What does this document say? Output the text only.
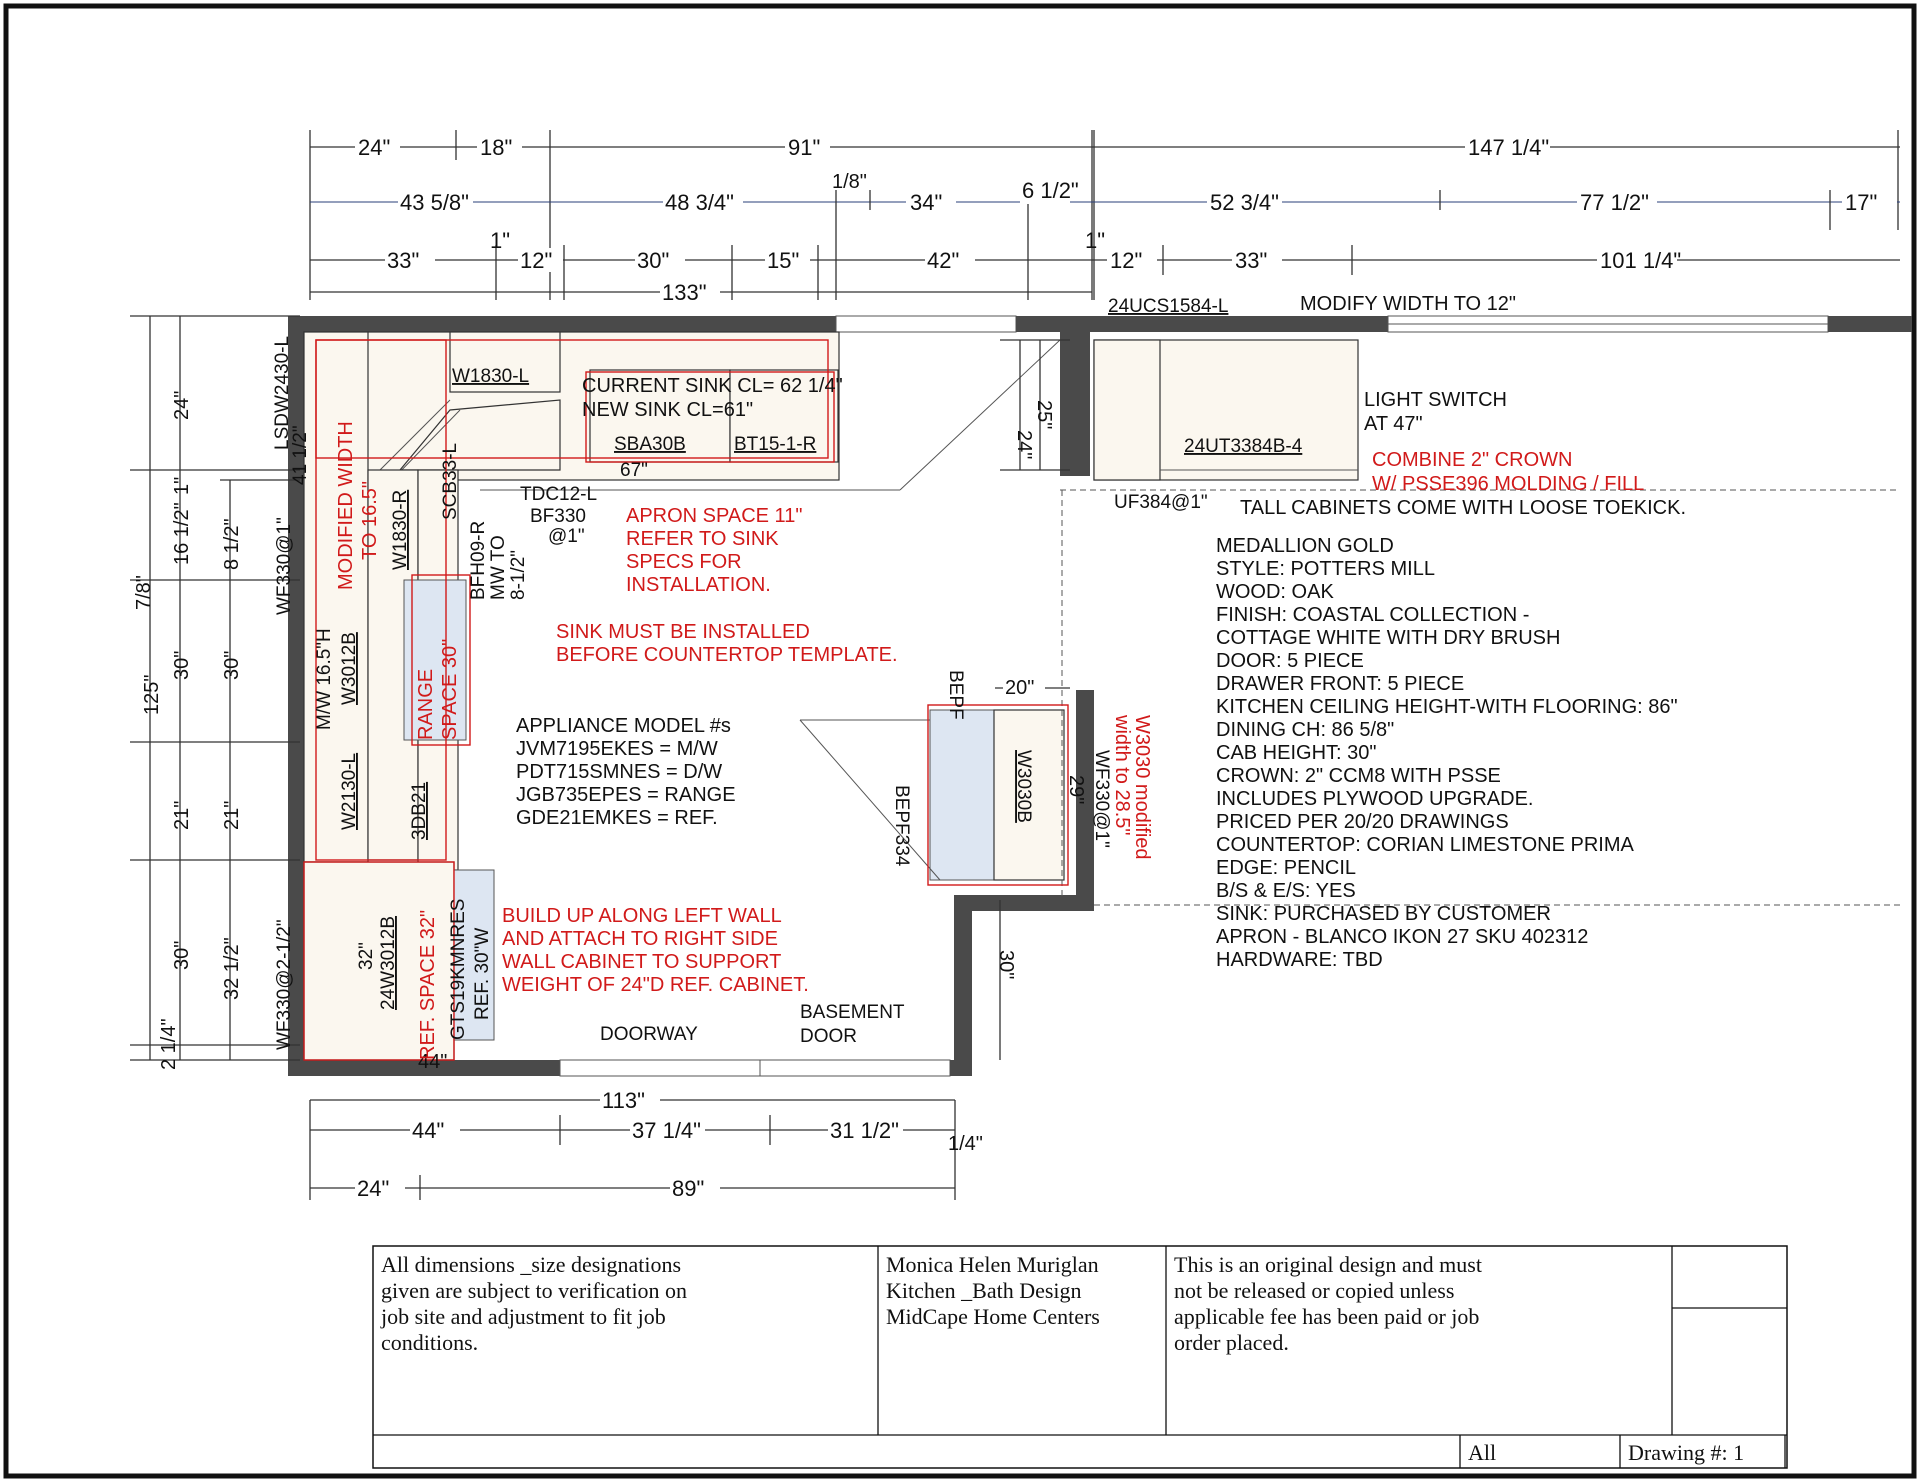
24"	18"	91"	147 1/4"
43 5/8"	48 3/4"
1/8"
34"	6 1/2"	52 3/4"	77 1/2"	17"
33"
1"
12"	30"	15"	42"
1"
12"	33"	101 1/4"
133"
125"
7/8"
24"
1"
16 1/2"
30"
21"
30"
2 1/4"
8 1/2"
30"
21"
32 1/2"
24"
25"
30"
29"
20"
113"
44"	37 1/4"	31 1/2"
1/4"
24"	89"
44"
W1830-L
SBA30B	BT15-1-R
67"
TDC12-L
BF330
@1"
SCB33-L
W1830-R	BFH09-R MW TO 8-1/2"
LSDW2430-L
41 1/2"
WF330@1"
M/W 16.5"H W3012B
W2130-L	3DB21
24W3012B
32"
WF330@2-1/2"	REF. 30"W
GTS19KMNRES
24UCS1584-L
24UT3384B-4
UF384@1"
BEPF
BEPF334	W3030B	WF330@1"
DOORWAY
BASEMENT
DOOR
MODIFY WIDTH TO 12"
CURRENT SINK CL= 62 1/4"
NEW SINK CL=61"	LIGHT SWITCH
AT 47"
TALL CABINETS COME WITH LOOSE TOEKICK.
COMBINE 2" CROWN
W/ PSSE396 MOLDING / FILL
APRON SPACE 11"
REFER TO SINK
SPECS FOR
INSTALLATION.
SINK MUST BE INSTALLED
BEFORE COUNTERTOP TEMPLATE.
MODIFIED WIDTH TO 16.5"
RANGE SPACE 30"
REF. SPACE 32"
W3030 modified
width to 28.5"
BUILD UP ALONG LEFT WALL
AND ATTACH TO RIGHT SIDE
WALL CABINET TO SUPPORT
WEIGHT OF 24"D REF. CABINET.
APPLIANCE MODEL #s
JVM7195EKES = M/W
PDT715SMNES = D/W
JGB735EPES = RANGE
GDE21EMKES = REF.
MEDALLION GOLD
STYLE: POTTERS MILL
WOOD: OAK
FINISH: COASTAL COLLECTION -
COTTAGE WHITE WITH DRY BRUSH
DOOR: 5 PIECE
DRAWER FRONT: 5 PIECE
KITCHEN CEILING HEIGHT-WITH FLOORING: 86"
DINING CH: 86 5/8"
CAB HEIGHT: 30"
CROWN: 2" CCM8 WITH PSSE
INCLUDES PLYWOOD UPGRADE.
PRICED PER 20/20 DRAWINGS
COUNTERTOP: CORIAN LIMESTONE PRIMA
EDGE: PENCIL
B/S & E/S: YES
SINK: PURCHASED BY CUSTOMER
APRON - BLANCO IKON 27 SKU 402312
HARDWARE: TBD
All dimensions _size designations
given are subject to verification on
job site and adjustment to fit job
conditions.
Monica Helen Muriglan
Kitchen _Bath Design
MidCape Home Centers
This is an original design and must
not be released or copied unless
applicable fee has been paid or job
order placed.
All	Drawing #: 1
